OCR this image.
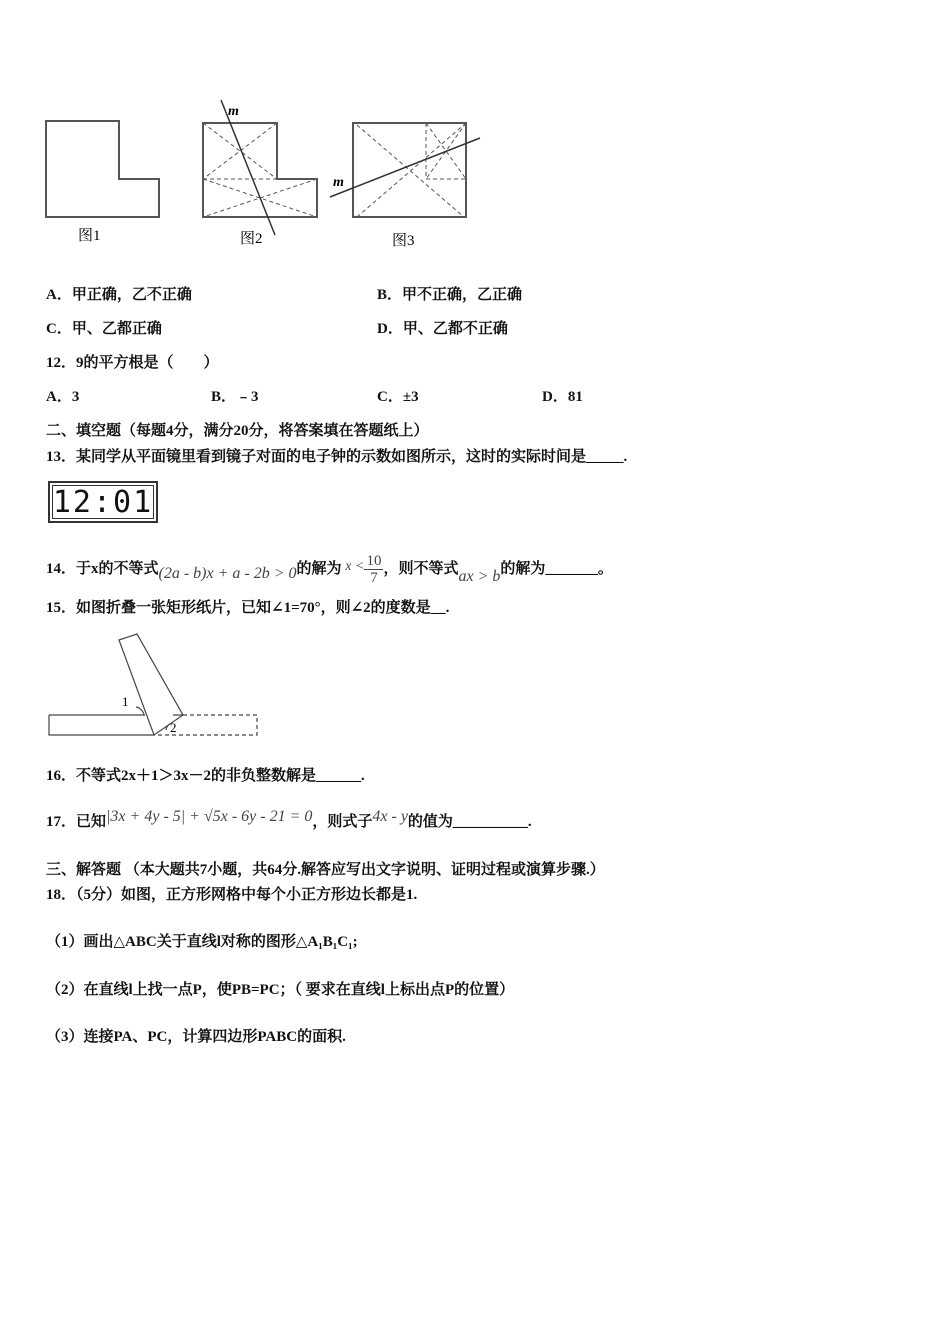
m
m
图1	图2	图3
A．甲正确，乙不正确	B．甲不正确，乙正确
C．甲、乙都正确	D．甲、乙都不正确
12．9的平方根是（　　）
A．3	B．﹣3	C．±3	D．81
二、填空题（每题4分，满分20分，将答案填在答题纸上）
13．某同学从平面镜里看到镜子对面的电子钟的示数如图所示，这时的实际时间是_____.
12:01
14．于x的不等式(2a - b)x + a - 2b > 0的解为 $x < \frac{10}{7}$ ，则不等式ax > b的解为_______。
15．如图折叠一张矩形纸片，已知∠1=70°，则∠2的度数是__.
1
2
16．不等式2x＋1＞3x－2的非负整数解是______.
17．已知|3x + 4y - 5| + √5x - 6y - 21 = 0，则式子4x - y的值为__________.
三、解答题 （本大题共7小题，共64分.解答应写出文字说明、证明过程或演算步骤.）
18．（5分）如图，正方形网格中每个小正方形边长都是1.
（1）画出△ABC关于直线l对称的图形△A₁B₁C₁;
（2）在直线l上找一点P，使PB=PC；（ 要求在直线l上标出点P的位置）
（3）连接PA、PC，计算四边形PABC的面积.
